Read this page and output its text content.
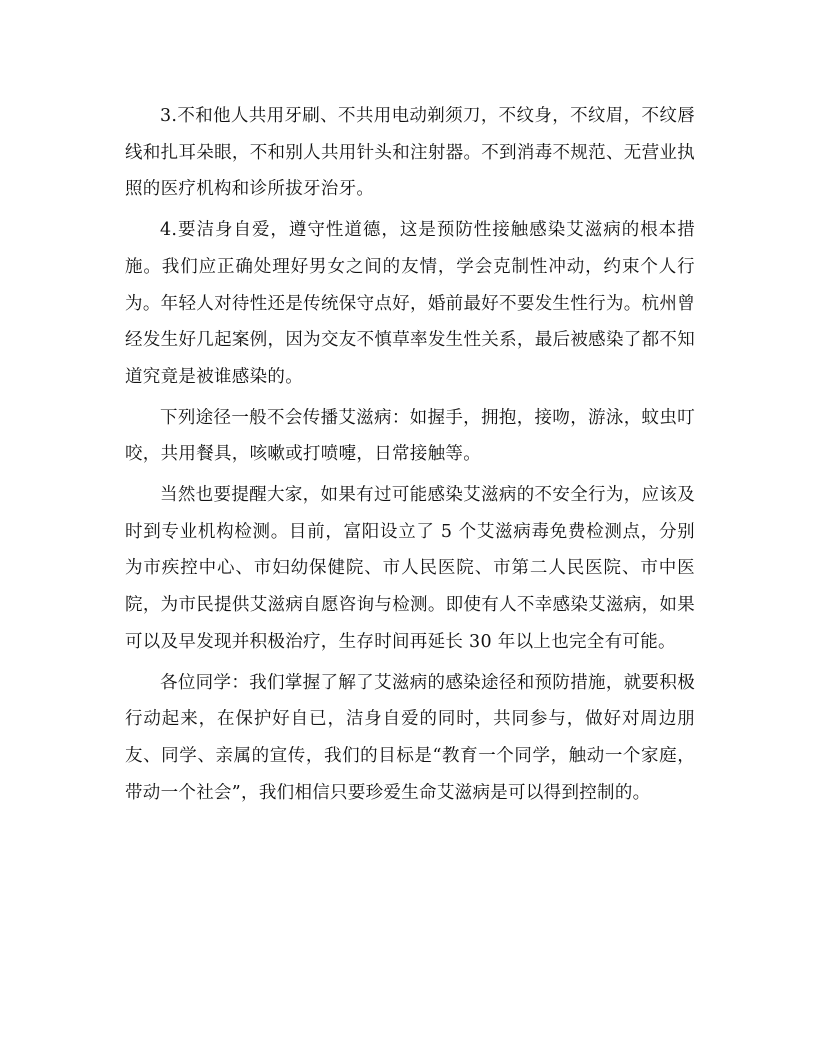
3.不和他人共用牙刷、不共用电动剃须刀，不纹身，不纹眉，不纹唇线和扎耳朵眼，不和别人共用针头和注射器。不到消毒不规范、无营业执照的医疗机构和诊所拔牙治牙。

4.要洁身自爱，遵守性道德，这是预防性接触感染艾滋病的根本措施。我们应正确处理好男女之间的友情，学会克制性冲动，约束个人行为。年轻人对待性还是传统保守点好，婚前最好不要发生性行为。杭州曾经发生好几起案例，因为交友不慎草率发生性关系，最后被感染了都不知道究竟是被谁感染的。

下列途径一般不会传播艾滋病：如握手，拥抱，接吻，游泳，蚊虫叮咬，共用餐具，咳嗽或打喷嚏，日常接触等。

当然也要提醒大家，如果有过可能感染艾滋病的不安全行为，应该及时到专业机构检测。目前，富阳设立了 5 个艾滋病毒免费检测点，分别为市疾控中心、市妇幼保健院、市人民医院、市第二人民医院、市中医院，为市民提供艾滋病自愿咨询与检测。即使有人不幸感染艾滋病，如果可以及早发现并积极治疗，生存时间再延长 30 年以上也完全有可能。

各位同学：我们掌握了解了艾滋病的感染途径和预防措施，就要积极行动起来，在保护好自已，洁身自爱的同时，共同参与，做好对周边朋友、同学、亲属的宣传，我们的目标是“教育一个同学，触动一个家庭，带动一个社会”，我们相信只要珍爱生命艾滋病是可以得到控制的。
